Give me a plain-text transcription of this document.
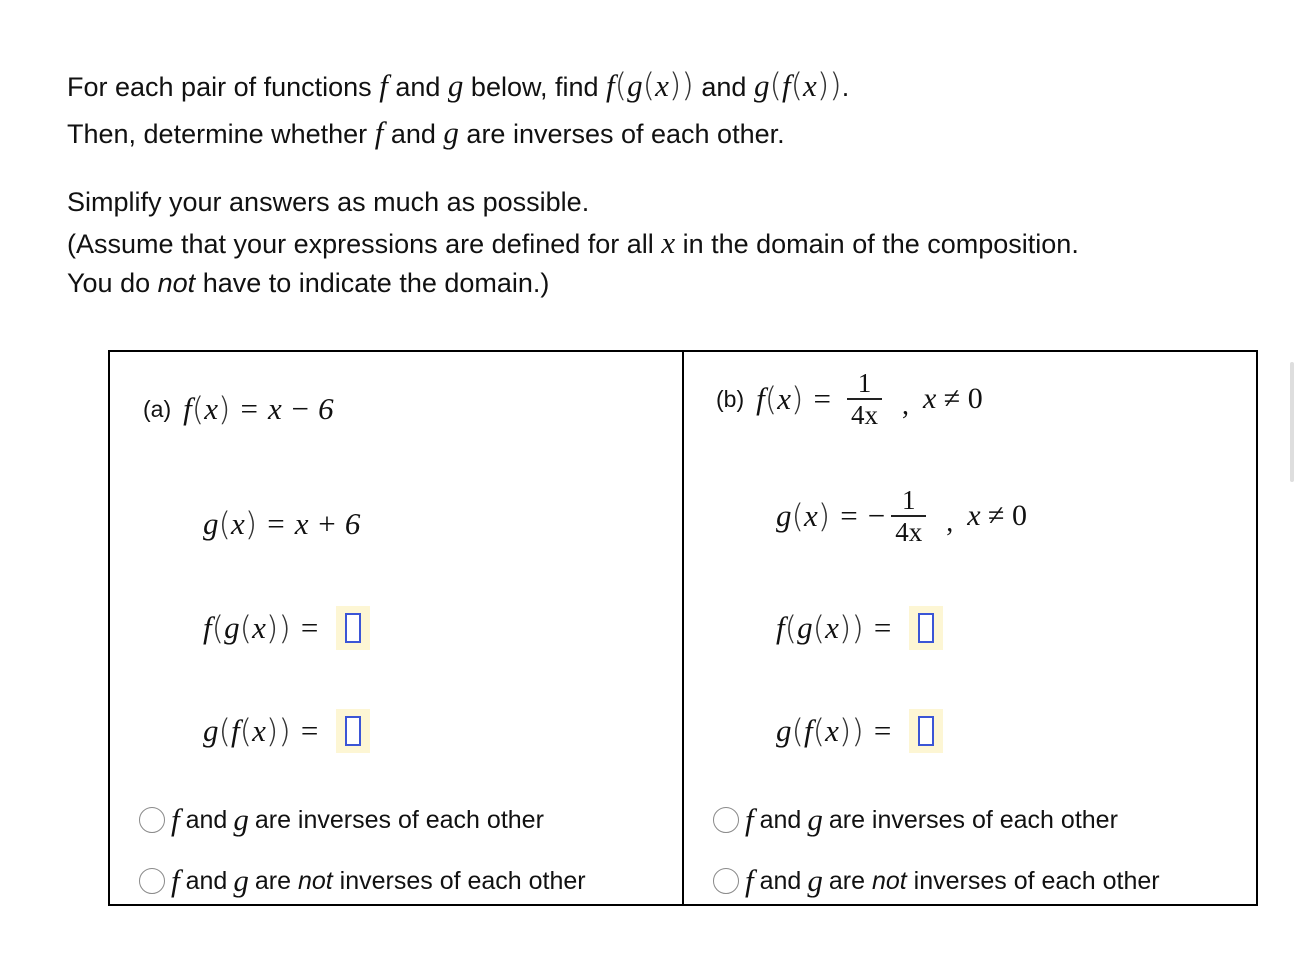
For each pair of functions f and g below, find f(g(x)) and g(f(x)).
Then, determine whether f and g are inverses of each other.
Simplify your answers as much as possible.
(Assume that your expressions are defined for all x in the domain of the composition.
You do not have to indicate the domain.)
(a) f ( x ) = x − 6
g ( x ) = x + 6
f ( g ( x ) ) =
g ( f ( x ) ) =
f and g are inverses of each other
f and g are
not
inverses of each other
(b) f ( x ) = $\frac{1}{4x}$ , x ≠ 0
g ( x ) = − $\frac{1}{4x}$ , x ≠ 0
f ( g ( x ) ) =
g ( f ( x ) ) =
f and g are inverses of each other
f and g are
not
inverses of each other
